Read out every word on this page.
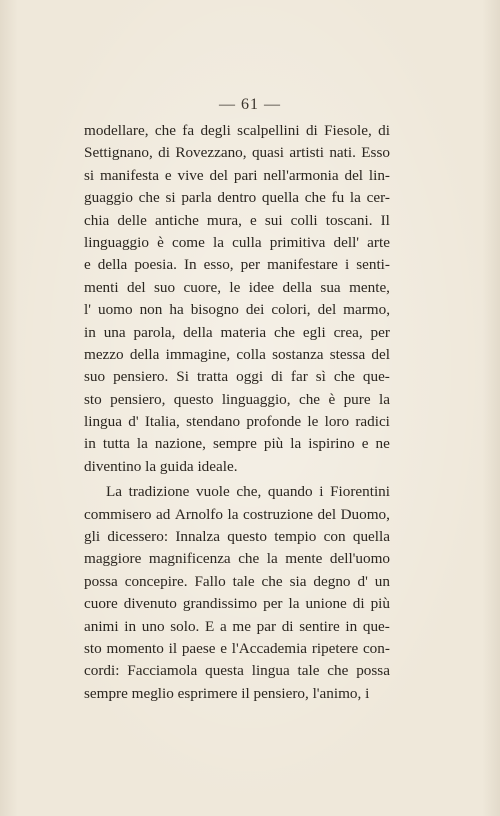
— 61 —
modellare, che fa degli scalpellini di Fiesole, di
Settignano, di Rovezzano, quasi artisti nati. Esso
si manifesta e vive del pari nell'armonia del lin-
guaggio che si parla dentro quella che fu la cer-
chia delle antiche mura, e sui colli toscani. Il
linguaggio è come la culla primitiva dell' arte
e della poesia. In esso, per manifestare i senti-
menti del suo cuore, le idee della sua mente,
l' uomo non ha bisogno dei colori, del marmo,
in una parola, della materia che egli crea, per
mezzo della immagine, colla sostanza stessa del
suo pensiero. Si tratta oggi di far sì che que-
sto pensiero, questo linguaggio, che è pure la
lingua d' Italia, stendano profonde le loro radici
in tutta la nazione, sempre più la ispirino e ne
diventino la guida ideale.
La tradizione vuole che, quando i Fiorentini
commisero ad Arnolfo la costruzione del Duomo,
gli dicessero: Innalza questo tempio con quella
maggiore magnificenza che la mente dell'uomo
possa concepire. Fallo tale che sia degno d' un
cuore divenuto grandissimo per la unione di più
animi in uno solo. E a me par di sentire in que-
sto momento il paese e l'Accademia ripetere con-
cordi: Facciamola questa lingua tale che possa
sempre meglio esprimere il pensiero, l'animo, i
